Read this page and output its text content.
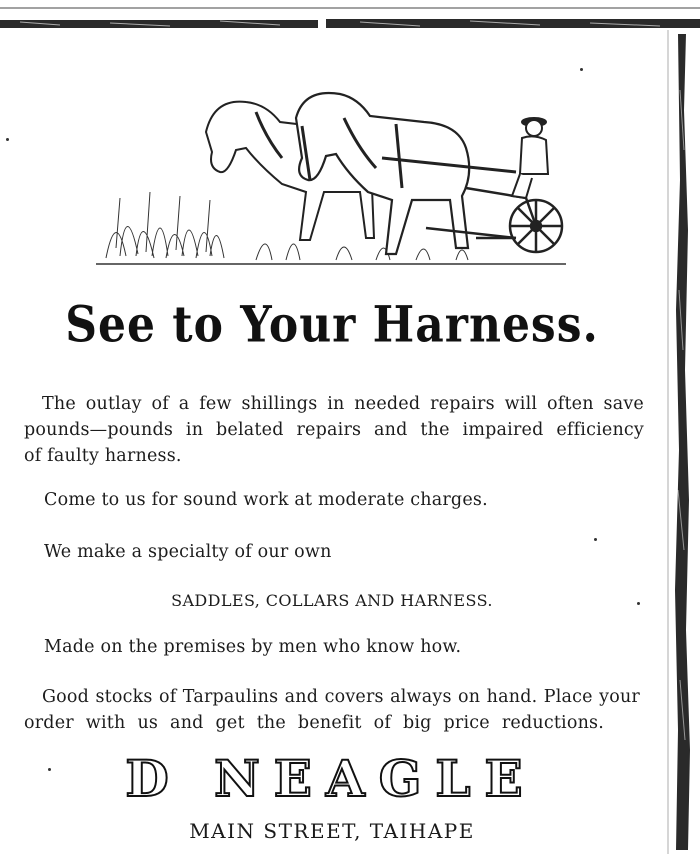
See to Your Harness.
The outlay of a few shillings in needed repairs will often save
pounds—pounds in belated repairs and the impaired efficiency
of faulty harness.
Come to us for sound work at moderate charges.
We make a specialty of our own
SADDLES, COLLARS AND HARNESS.
Made on the premises by men who know how.
Good stocks of Tarpaulins and covers always on hand. Place your
order with us and get the benefit of big price reductions.
D NEAGLE
MAIN STREET, TAIHAPE
